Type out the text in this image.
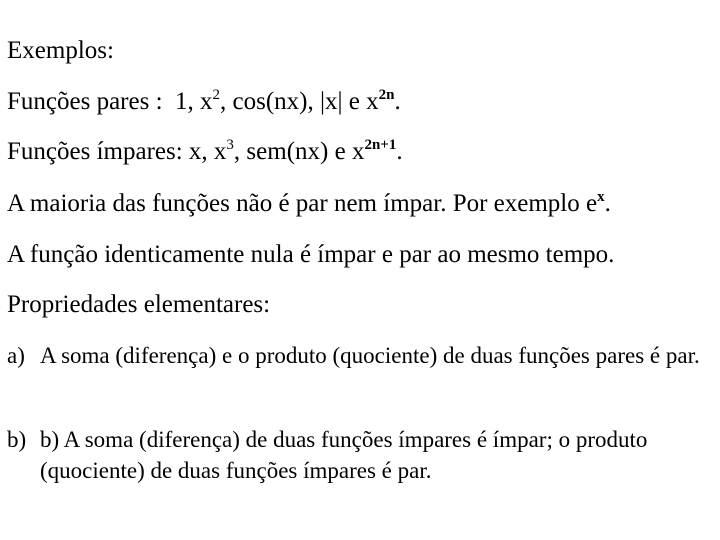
Exemplos:
Funções pares : 1, $x^2$, cos(nx), |x| e $x^{2n}$.
Funções ímpares: x, $x^3$, sem(nx) e $x^{2n+1}$.
A maioria das funções não é par nem ímpar. Por exemplo $e^x$.
A função identicamente nula é ímpar e par ao mesmo tempo.
Propriedades elementares:
a) A soma (diferença) e o produto (quociente) de duas funções pares é par.
b) b) A soma (diferença) de duas funções ímpares é ímpar; o produto (quociente) de duas funções ímpares é par.
